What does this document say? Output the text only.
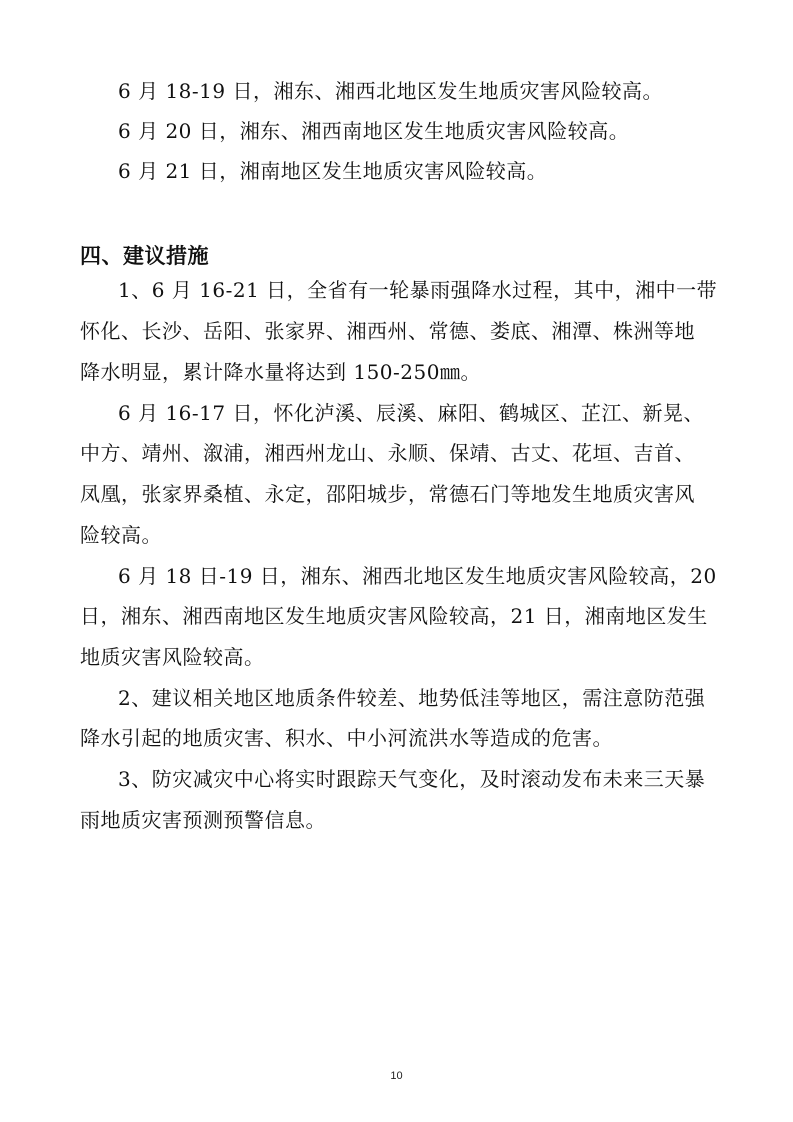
6 月 18-19 日，湘东、湘西北地区发生地质灾害风险较高。
6 月 20 日，湘东、湘西南地区发生地质灾害风险较高。
6 月 21 日，湘南地区发生地质灾害风险较高。
四、建议措施
1、6 月 16-21 日，全省有一轮暴雨强降水过程，其中，湘中一带
怀化、长沙、岳阳、张家界、湘西州、常德、娄底、湘潭、株洲等地
降水明显，累计降水量将达到 150-250㎜。
6 月 16-17 日，怀化泸溪、辰溪、麻阳、鹤城区、芷江、新晃、
中方、靖州、溆浦，湘西州龙山、永顺、保靖、古丈、花垣、吉首、
凤凰，张家界桑植、永定，邵阳城步，常德石门等地发生地质灾害风
险较高。
6 月 18 日-19 日，湘东、湘西北地区发生地质灾害风险较高，20
日，湘东、湘西南地区发生地质灾害风险较高，21 日，湘南地区发生
地质灾害风险较高。
2、建议相关地区地质条件较差、地势低洼等地区，需注意防范强
降水引起的地质灾害、积水、中小河流洪水等造成的危害。
3、防灾减灾中心将实时跟踪天气变化，及时滚动发布未来三天暴
雨地质灾害预测预警信息。
10
